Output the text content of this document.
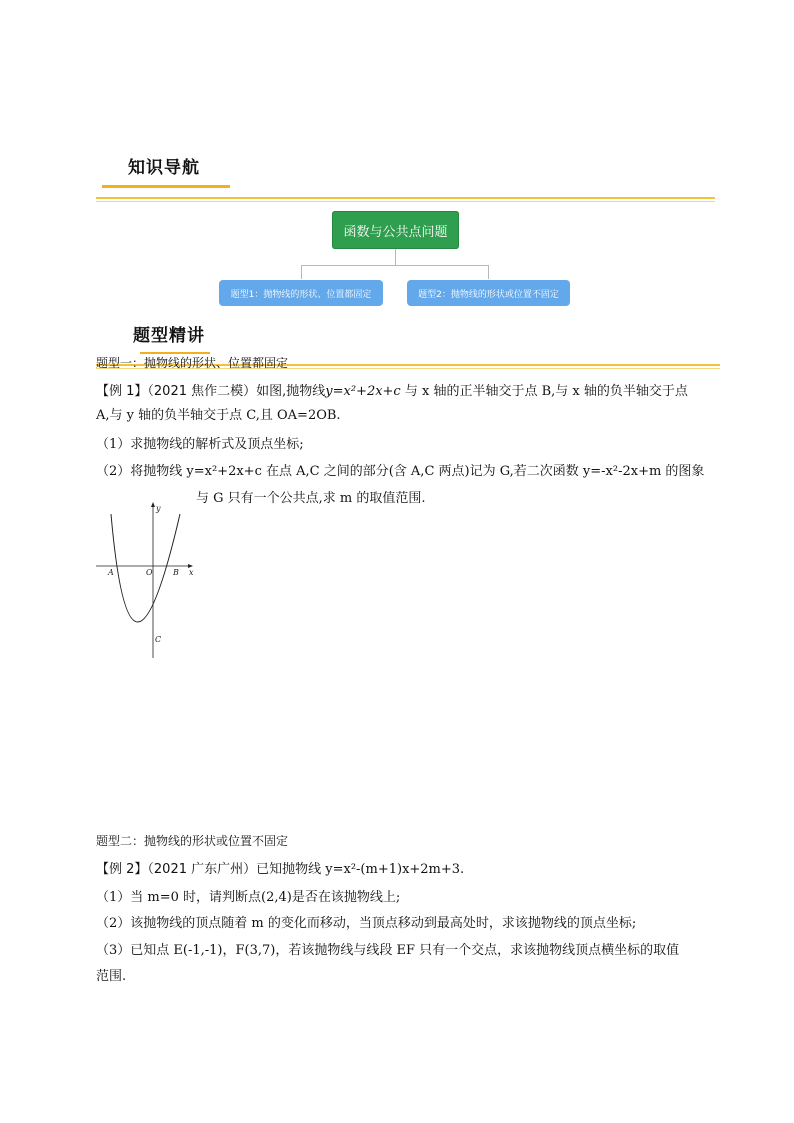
知识导航
函数与公共点问题
题型1：抛物线的形状、位置都固定	题型2：抛物线的形状或位置不固定
题型精讲
题型一：抛物线的形状、位置都固定
【例 1】（2021 焦作二模）如图,抛物线y=x²+2x+c 与 x 轴的正半轴交于点 B,与 x 轴的负半轴交于点
A,与 y 轴的负半轴交于点 C,且 OA=2OB.
（1）求抛物线的解析式及顶点坐标;
（2）将抛物线 y=x²+2x+c 在点 A,C 之间的部分(含 A,C 两点)记为 G,若二次函数 y=-x²-2x+m 的图象
与 G 只有一个公共点,求 m 的取值范围.
y
x
A	O	B
C
题型二：抛物线的形状或位置不固定
【例 2】（2021 广东广州）已知抛物线 y=x²-(m+1)x+2m+3.
（1）当 m=0 时，请判断点(2,4)是否在该抛物线上;
（2）该抛物线的顶点随着 m 的变化而移动，当顶点移动到最高处时，求该抛物线的顶点坐标;
（3）已知点 E(-1,-1)，F(3,7)，若该抛物线与线段 EF 只有一个交点，求该抛物线顶点横坐标的取值
范围.
